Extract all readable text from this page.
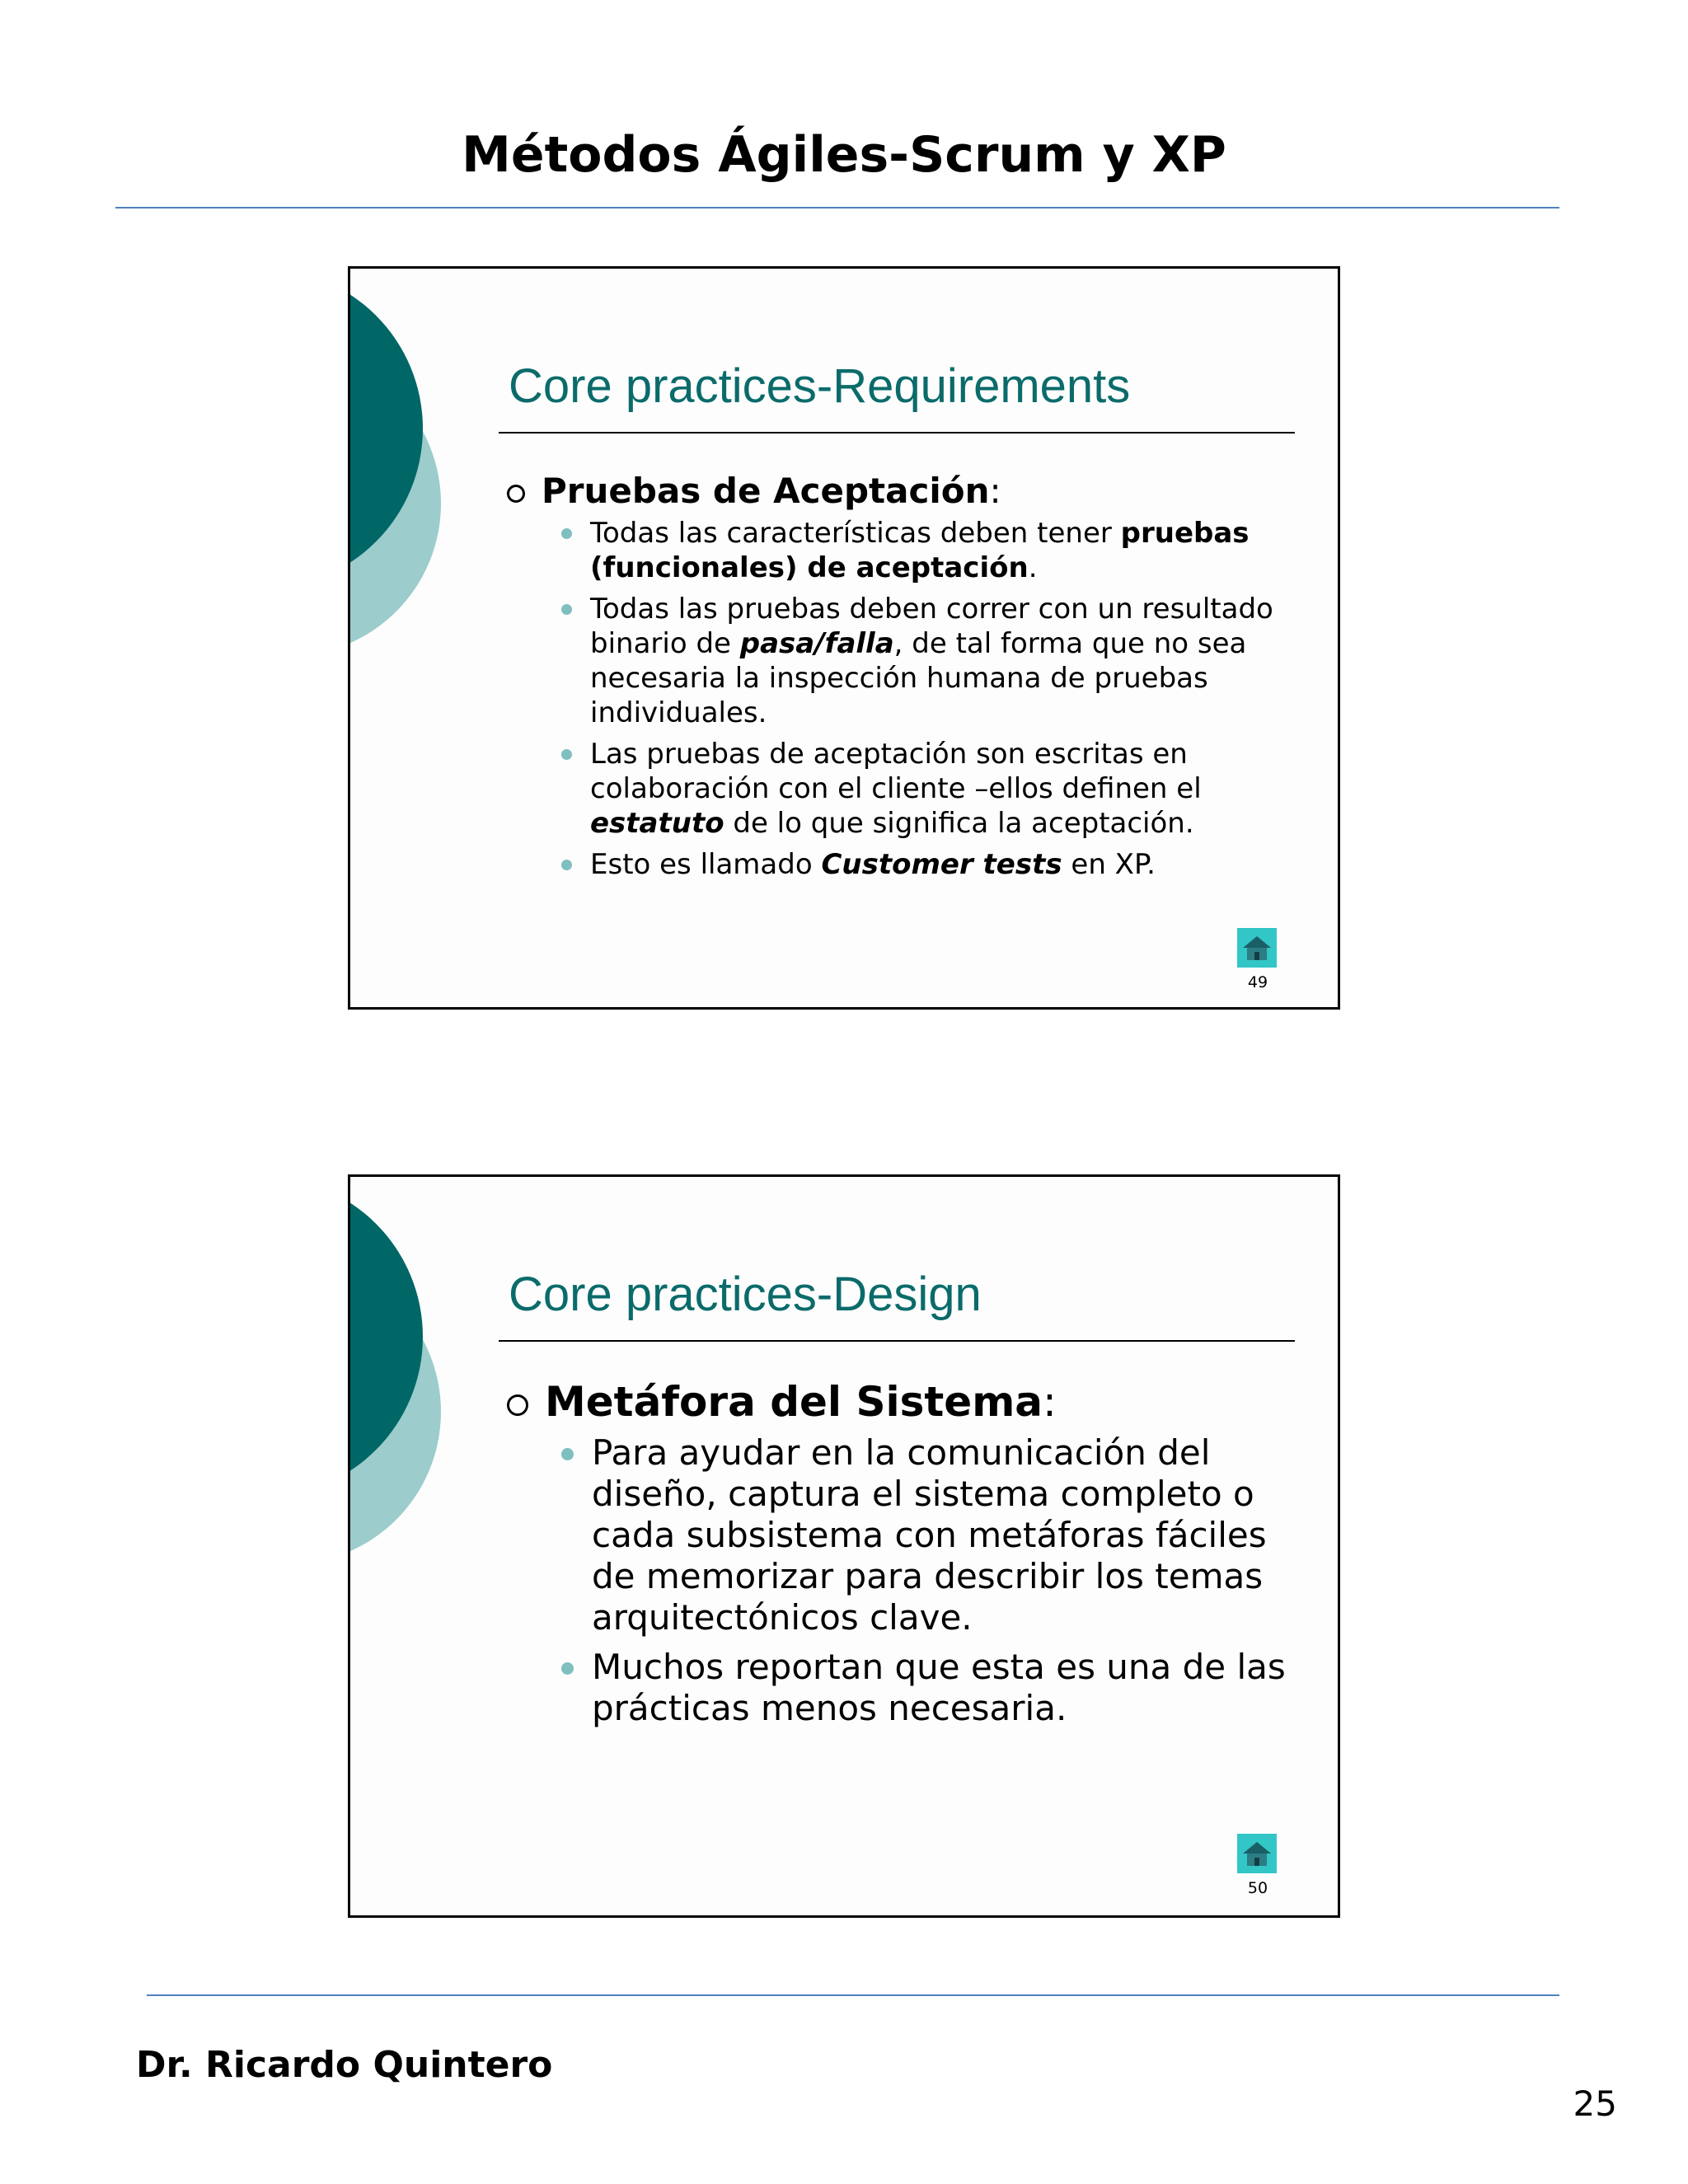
Métodos Ágiles-Scrum y XP
Core practices-Requirements
Pruebas de Aceptación:
Todas las características deben tener pruebas (funcionales) de aceptación.
Todas las pruebas deben correr con un resultado binario de pasa/falla, de tal forma que no sea necesaria la inspección humana de pruebas individuales.
Las pruebas de aceptación son escritas en colaboración con el cliente –ellos definen el estatuto de lo que significa la aceptación.
Esto es llamado Customer tests en XP.
49
Core practices-Design
Metáfora del Sistema:
Para ayudar en la comunicación del diseño, captura el sistema completo o cada subsistema con metáforas fáciles de memorizar para describir los temas arquitectónicos clave.
Muchos reportan que esta es una de las prácticas menos necesaria.
50
Dr. Ricardo Quintero
25
